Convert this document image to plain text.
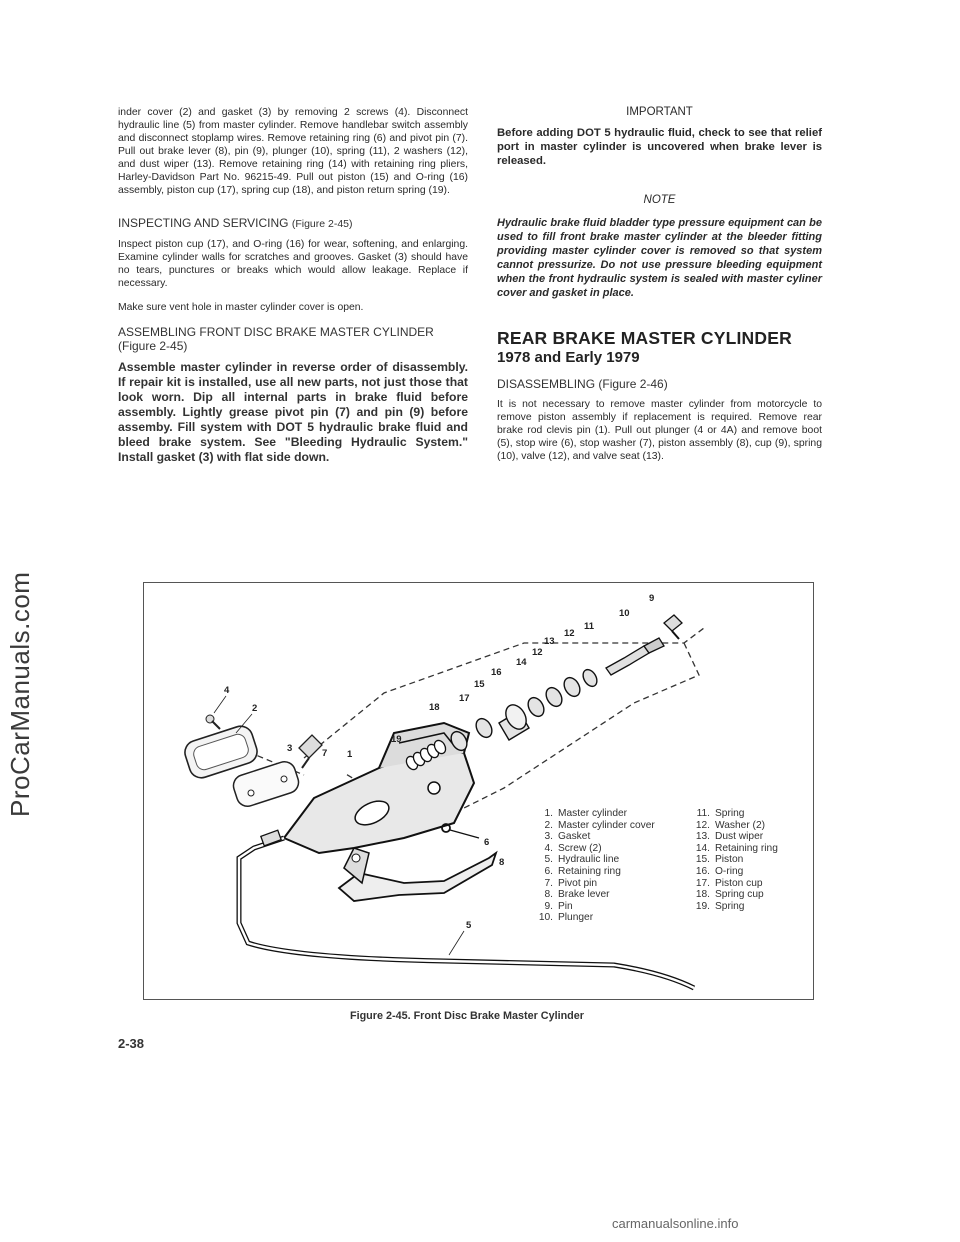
ProCarManuals.com

inder cover (2) and gasket (3) by removing 2 screws (4). Disconnect hydraulic line (5) from master cylinder. Remove handlebar switch assembly and disconnect stoplamp wires. Remove retaining ring (6) and pivot pin (7). Pull out brake lever (8), pin (9), plunger (10), spring (11), 2 washers (12), and dust wiper (13). Remove retaining ring (14) with retaining ring pliers, Harley-Davidson Part No. 96215-49. Pull out piston (15) and O-ring (16) assembly, piston cup (17), spring cup (18), and piston return spring (19).

INSPECTING AND SERVICING (Figure 2-45)

Inspect piston cup (17), and O-ring (16) for wear, softening, and enlarging. Examine cylinder walls for scratches and grooves. Gasket (3) should have no tears, punctures or breaks which would allow leakage. Replace if necessary.

Make sure vent hole in master cylinder cover is open.

ASSEMBLING FRONT DISC BRAKE MASTER CYLINDER (Figure 2-45)

Assemble master cylinder in reverse order of disassembly. If repair kit is installed, use all new parts, not just those that look worn. Dip all internal parts in brake fluid before assembly. Lightly grease pivot pin (7) and pin (9) before assemby. Fill system with DOT 5 hydraulic brake fluid and bleed brake system. See "Bleeding Hydraulic System." Install gasket (3) with flat side down.

IMPORTANT

Before adding DOT 5 hydraulic fluid, check to see that relief port in master cylinder is uncovered when brake lever is released.

NOTE

Hydraulic brake fluid bladder type pressure equipment can be used to fill front brake master cylinder at the bleeder fitting providing master cylinder cover is removed so that system cannot pressurize. Do not use pressure bleeding equipment when the front hydraulic system is sealed with master cyliner cover and gasket in place.

REAR BRAKE MASTER CYLINDER
1978 and Early 1979
DISASSEMBLING (Figure 2-46)

It is not necessary to remove master cylinder from motorcycle to remove piston assembly if replacement is required. Remove rear brake rod clevis pin (1). Pull out plunger (4 or 4A) and remove boot (5), stop wire (6), stop washer (7), piston assembly (8), cup (9), spring (10), valve (12), and valve seat (13).

4
2
3	7 1
19
18
17
15
16
14
12
13
12
11
10
9
6
8
5
1. Master cylinder
2. Master cylinder cover
3. Gasket
4. Screw (2)
5. Hydraulic line
6. Retaining ring
7. Pivot pin
8. Brake lever
9. Pin
10. Plunger
11. Spring
12. Washer (2)
13. Dust wiper
14. Retaining ring
15. Piston
16. O-ring
17. Piston cup
18. Spring cup
19. Spring
Figure 2-45. Front Disc Brake Master Cylinder
2-38
carmanualsonline.info
